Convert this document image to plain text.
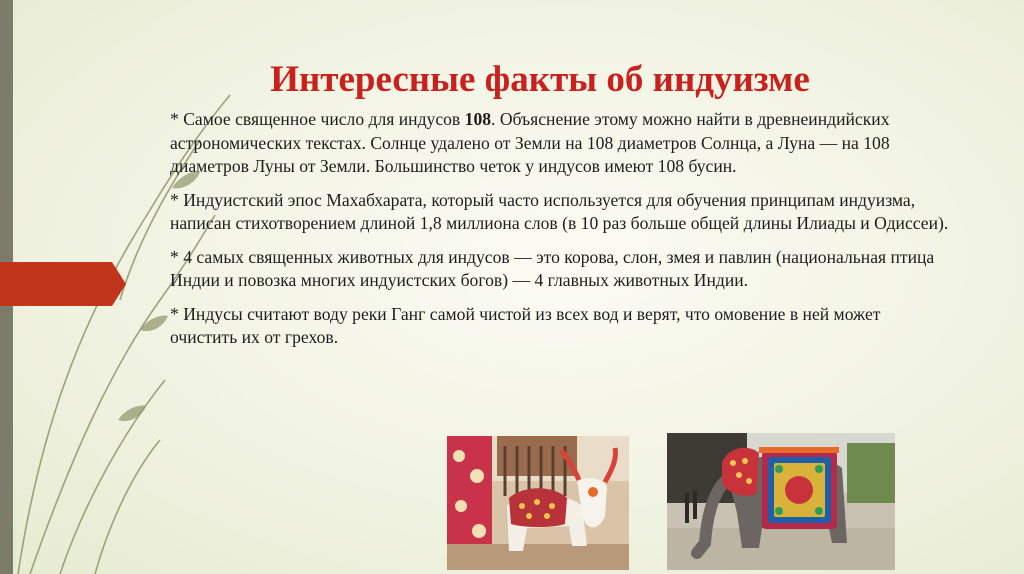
Интересные факты об индуизме

* Самое священное число для индусов 108. Объяснение этому можно найти в древнеиндийских астрономических текстах. Солнце удалено от Земли на 108 диаметров Солнца, а Луна — на 108 диаметров Луны от Земли. Большинство четок у индусов имеют 108 бусин.

* Индуистский эпос Махабхарата, который часто используется для обучения принципам индуизма, написан стихотворением длиной 1,8 миллиона слов (в 10 раз больше общей длины Илиады и Одиссеи).

* 4 самых священных животных для индусов — это корова, слон, змея и павлин (национальная птица Индии и повозка многих индуистских богов) — 4 главных животных Индии.

* Индусы считают воду реки Ганг самой чистой из всех вод и верят, что омовение в ней может очистить их от грехов.
